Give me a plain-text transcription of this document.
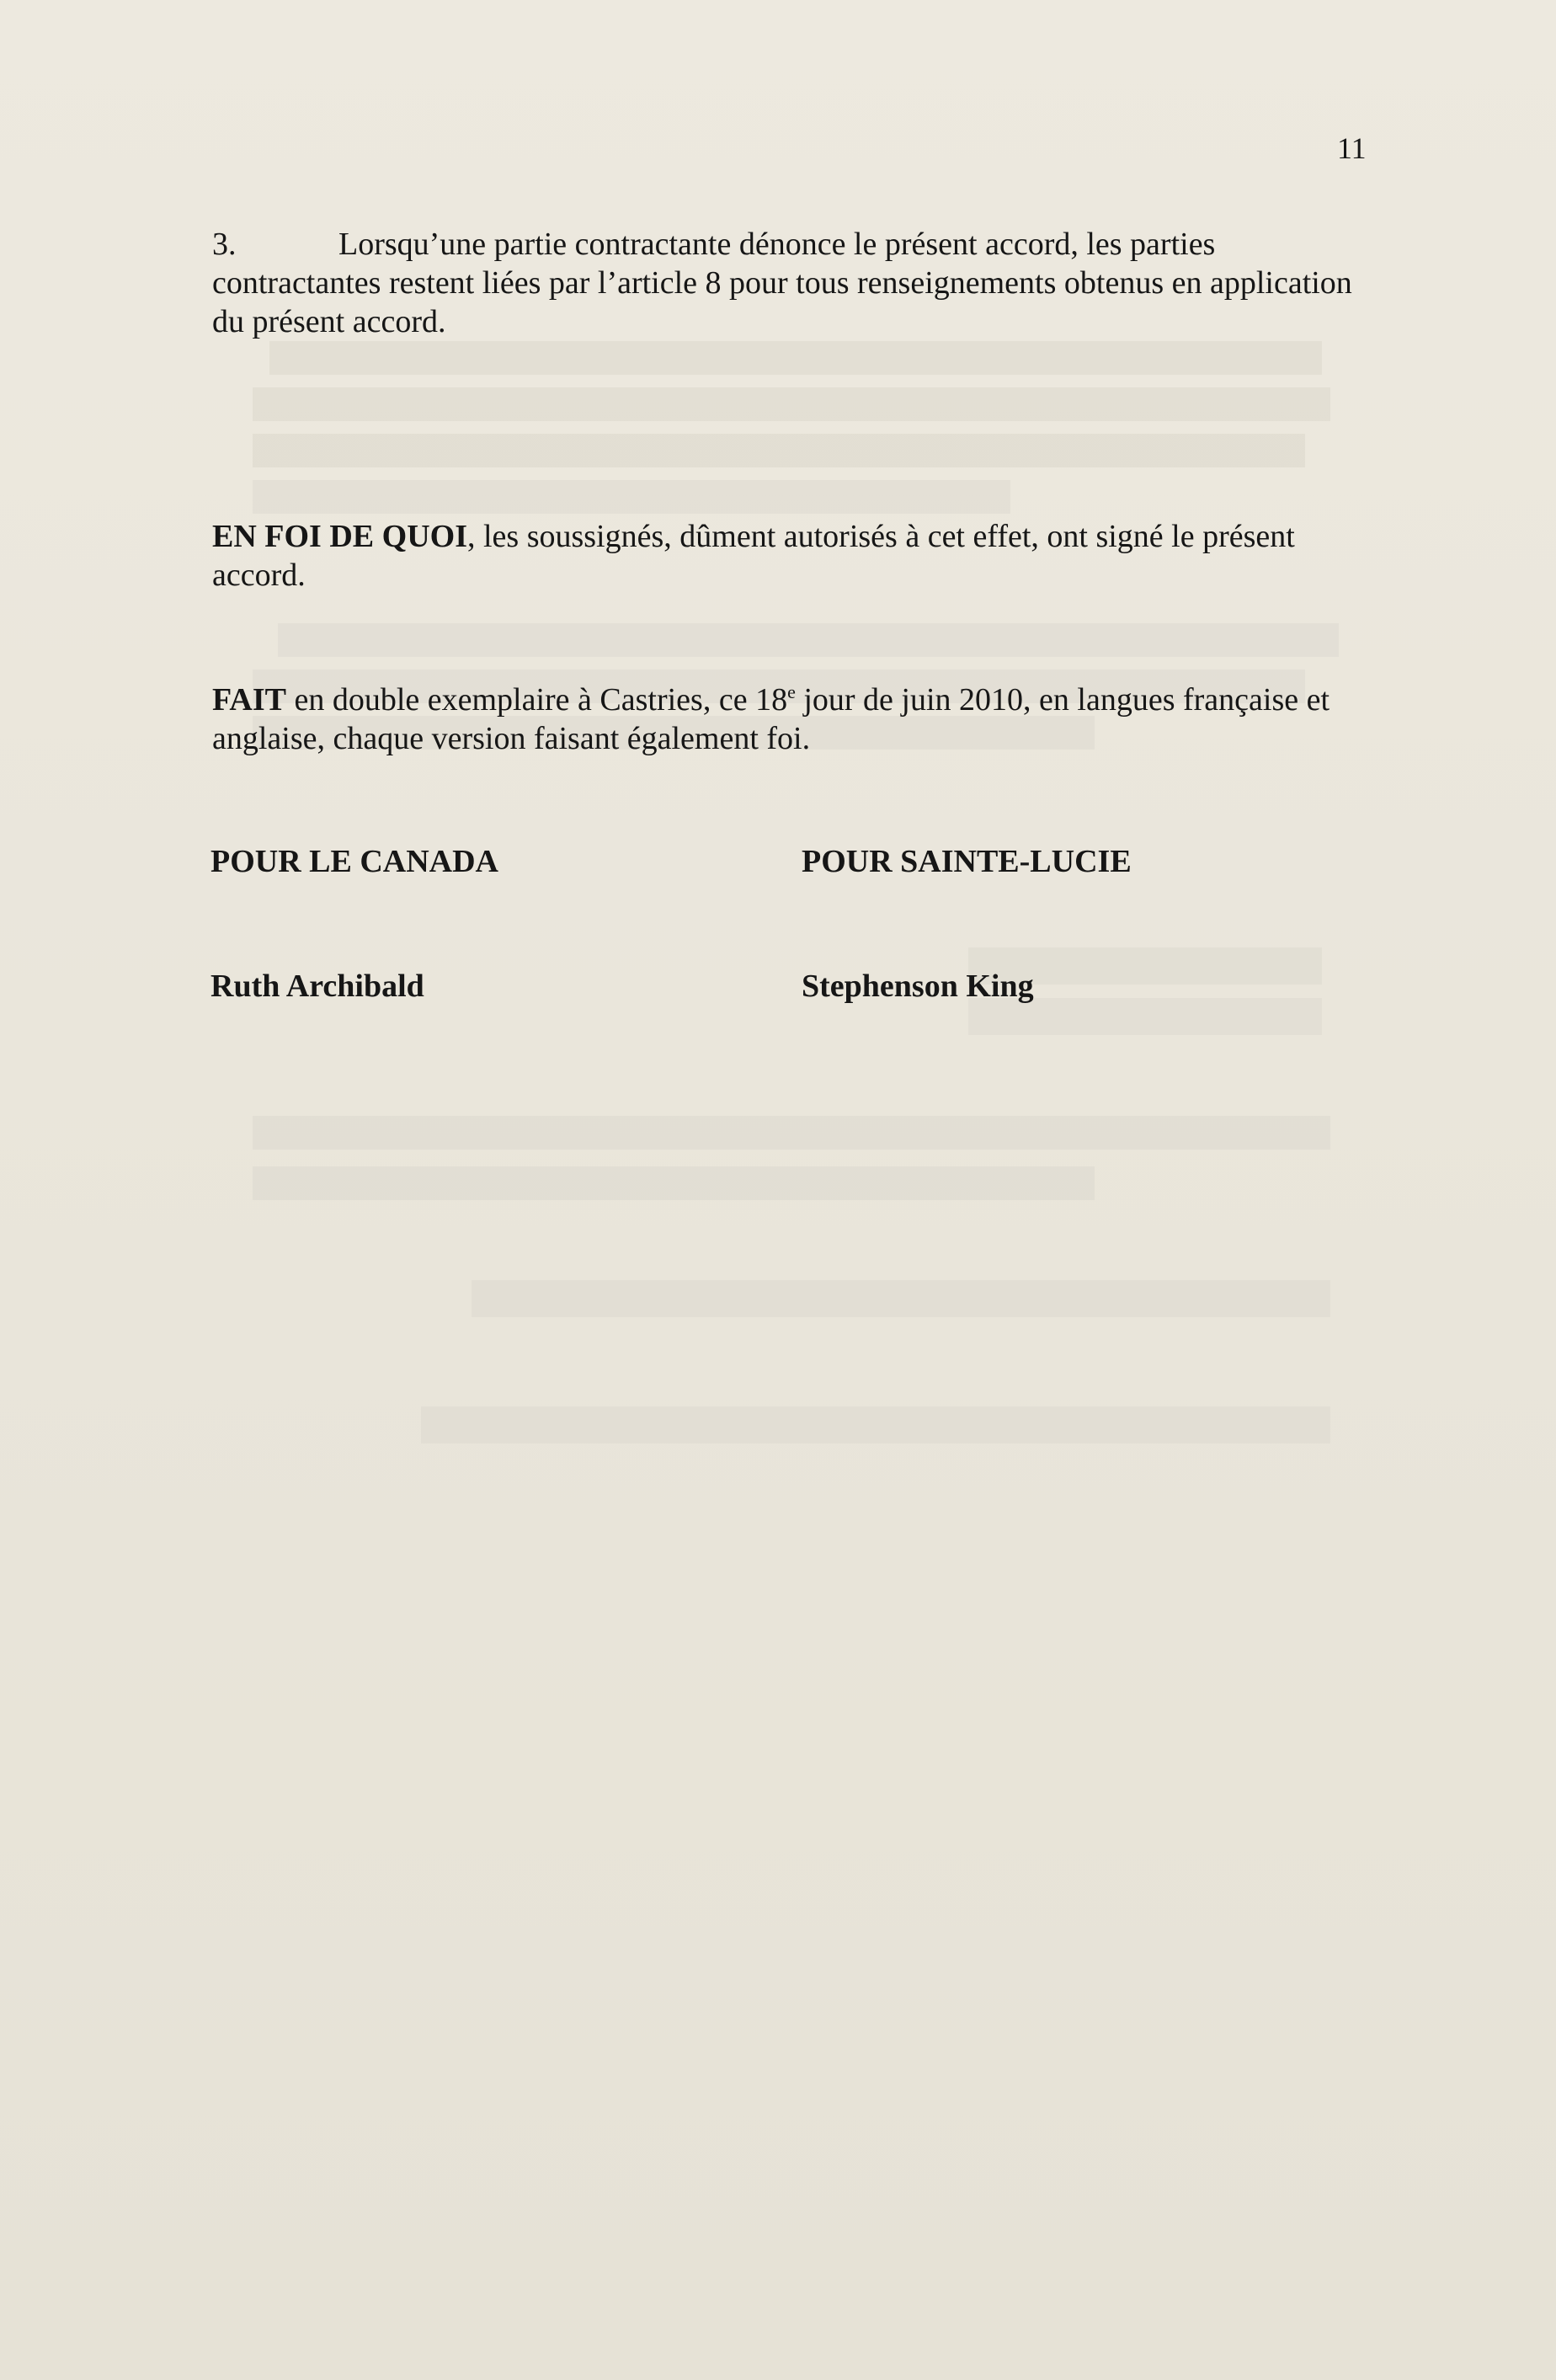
11

3.	Lorsqu’une partie contractante dénonce le présent accord, les parties contractantes restent liées par l’article 8 pour tous renseignements obtenus en application du présent accord.

EN FOI DE QUOI, les soussignés, dûment autorisés à cet effet, ont signé le présent accord.

FAIT en double exemplaire à Castries, ce 18e jour de juin 2010, en langues française et anglaise, chaque version faisant également foi.

POUR LE CANADA	POUR SAINTE-LUCIE
Ruth Archibald	Stephenson King
